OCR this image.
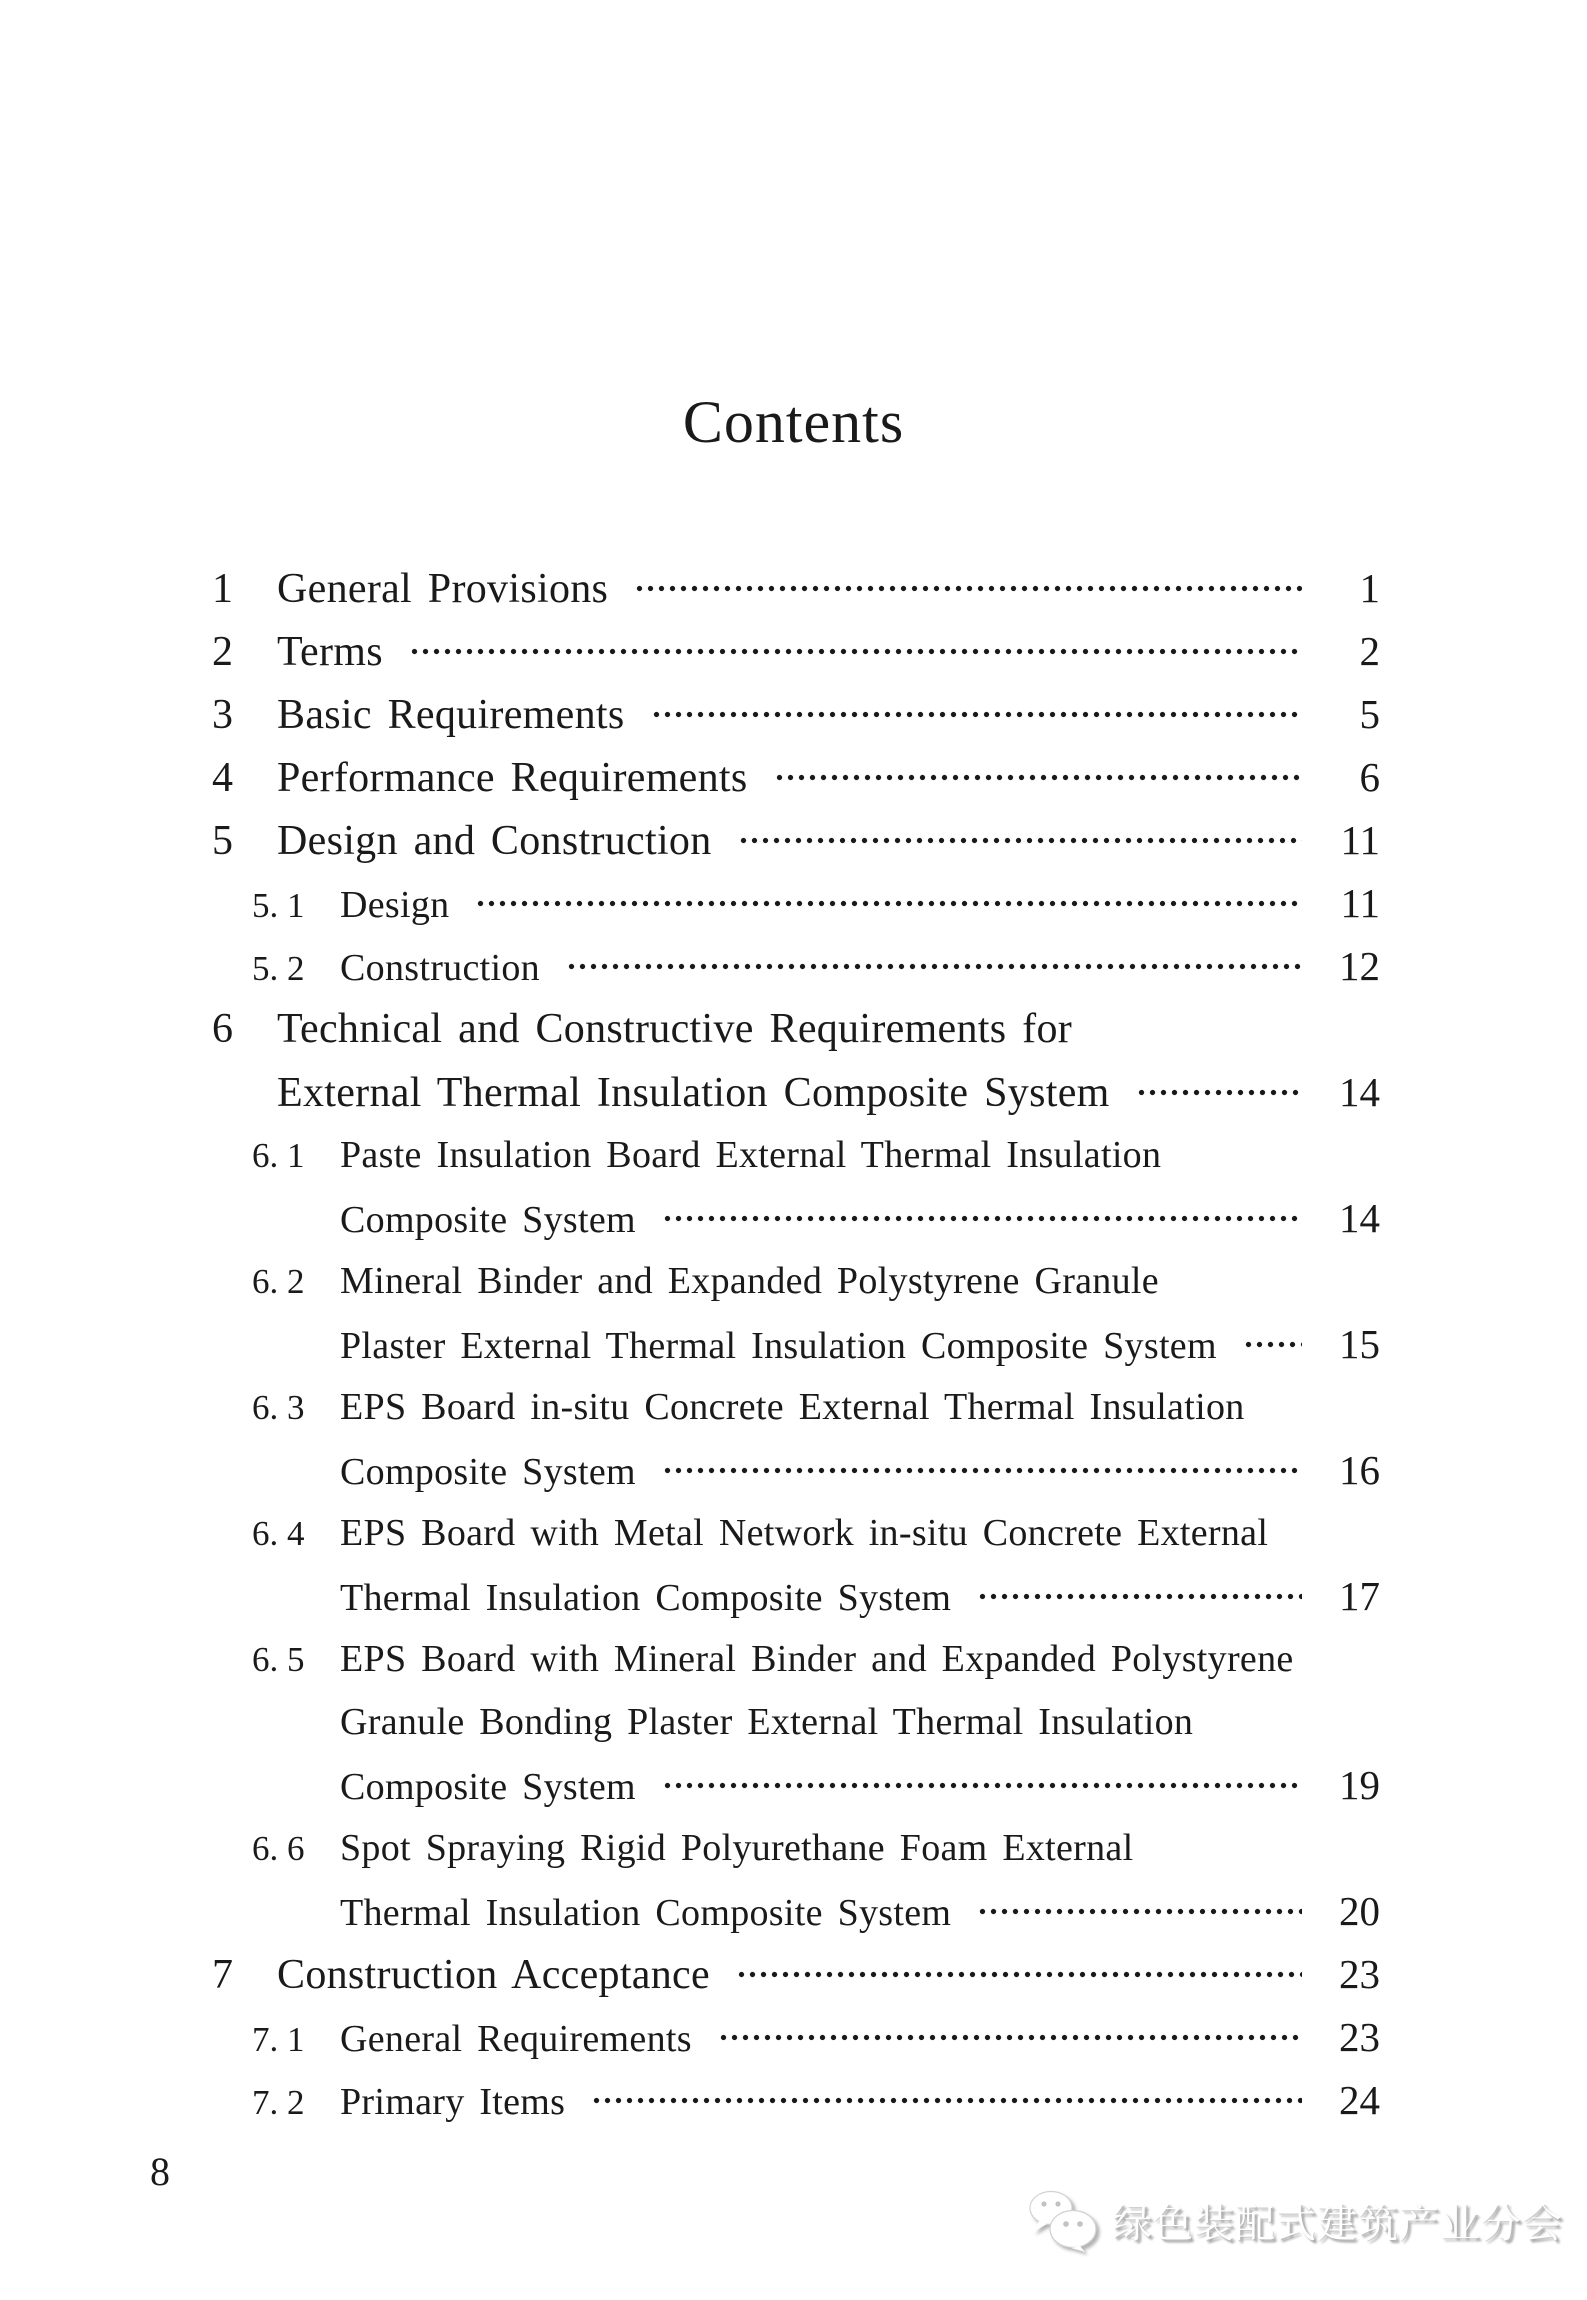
Contents
1	General Provisions	1
2	Terms	2
3	Basic Requirements	5
4	Performance Requirements	6
5	Design and Construction	11
5. 1 Design	11
5. 2 Construction	12
6	Technical and Constructive Requirements for
External Thermal Insulation Composite System	14
6. 1 Paste Insulation Board External Thermal Insulation
Composite System	14
6. 2 Mineral Binder and Expanded Polystyrene Granule
Plaster External Thermal Insulation Composite System	15
6. 3 EPS Board in-situ Concrete External Thermal Insulation
Composite System	16
6. 4 EPS Board with Metal Network in-situ Concrete External
Thermal Insulation Composite System	17
6. 5 EPS Board with Mineral Binder and Expanded Polystyrene
Granule Bonding Plaster External Thermal Insulation
Composite System	19
6. 6 Spot Spraying Rigid Polyurethane Foam External
Thermal Insulation Composite System	20
7	Construction Acceptance	23
7. 1 General Requirements	23
7. 2 Primary Items	24
8
绿色装配式建筑产业分会
